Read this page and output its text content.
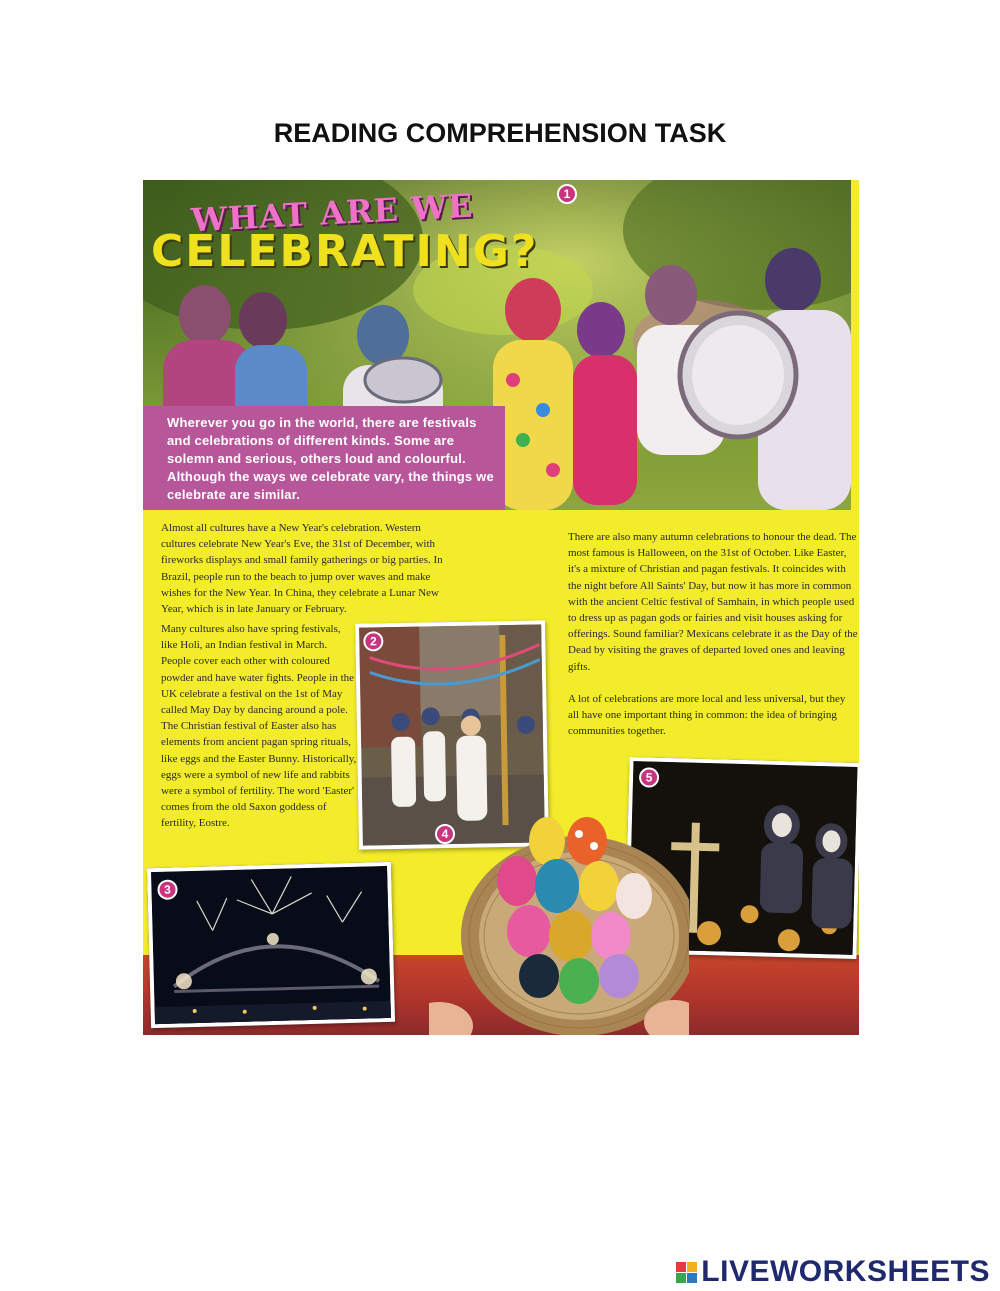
READING COMPREHENSION TASK
WHAT ARE WE
CELEBRATING?
1

Wherever you go in the world, there are festivals and celebrations of different kinds. Some are solemn and serious, others loud and colourful. Although the ways we celebrate vary, the things we celebrate are similar.

Almost all cultures have a New Year's celebration. Western cultures celebrate New Year's Eve, the 31st of December, with fireworks displays and small family gatherings or big parties. In Brazil, people run to the beach to jump over waves and make wishes for the New Year. In China, they celebrate a Lunar New Year, which is in late January or February.
Many cultures also have spring festivals, like Holi, an Indian festival in March. People cover each other with coloured powder and have water fights. People in the UK celebrate a festival on the 1st of May called May Day by dancing around a pole. The Christian festival of Easter also has elements from ancient pagan spring rituals, like eggs and the Easter Bunny. Historically, eggs were a symbol of new life and rabbits were a symbol of fertility. The word 'Easter' comes from the old Saxon goddess of fertility, Eostre.
There are also many autumn celebrations to honour the dead. The most famous is Halloween, on the 31st of October. Like Easter, it's a mixture of Christian and pagan festivals. It coincides with the night before All Saints' Day, but now it has more in common with the ancient Celtic festival of Samhain, in which people used to dress up as pagan gods or fairies and visit houses asking for offerings. Sound familiar? Mexicans celebrate it as the Day of the Dead by visiting the graves of departed loved ones and leaving gifts.
A lot of celebrations are more local and less universal, but they all have one important thing in common: the idea of bringing communities together.
2
3
5
4
LIVEWORKSHEETS
